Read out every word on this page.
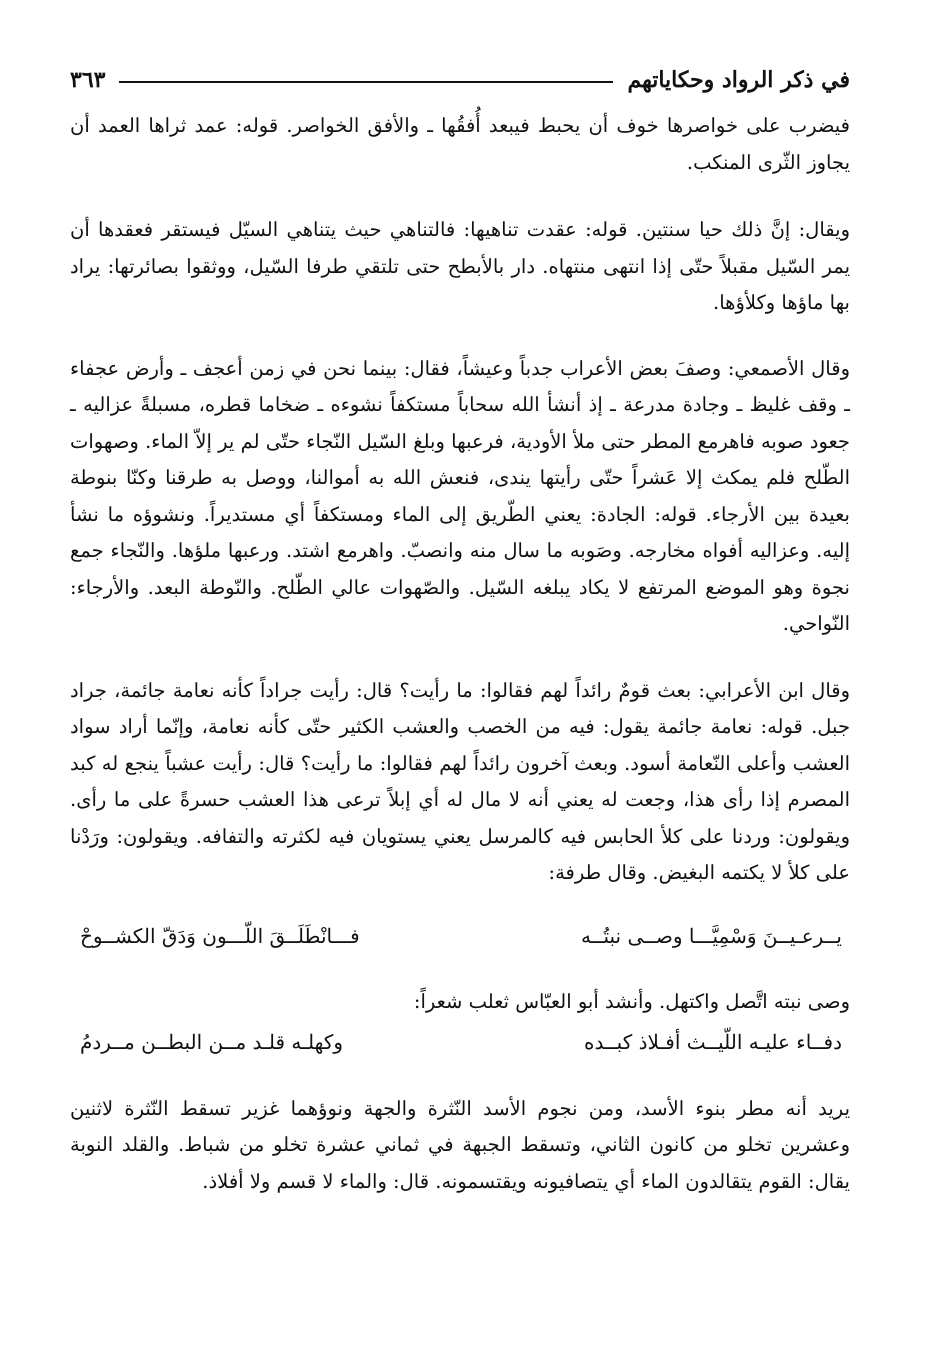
في ذكر الرواد وحكاياتهم
٣٦٣

فيضرب على خواصرها خوف أن يحبط فيبعد أُفقُها ـ والأفق الخواصر. قوله: عمد ثراها العمد أن يجاوز الثّرى المنكب.

ويقال: إنَّ ذلك حيا سنتين. قوله: عقدت تناهيها: فالتناهي حيث يتناهي السيّل فيستقر فعقدها أن يمر السّيل مقبلاً حتّى إذا انتهى منتهاه. دار بالأبطح حتى تلتقي طرفا السّيل، ووثقوا بصائرتها: يراد بها ماؤها وكلأؤها.

وقال الأصمعي: وصفَ بعض الأعراب جدباً وعيشاً، فقال: بينما نحن في زمن أعجف ـ وأرض عجفاء ـ وقف غليظ ـ وجادة مدرعة ـ إذ أنشأ الله سحاباً مستكفاً نشوءه ـ ضخاما قطره، مسبلةً عزاليه ـ جعود صوبه فاهرمع المطر حتى ملأ الأودية، فرعبها وبلغ السّيل النّجاء حتّى لم ير إلاّ الماء. وصهوات الطّلح فلم يمكث إلا عَشراً حتّى رأيتها يندى، فنعش الله به أموالنا، ووصل به طرقنا وكنّا بنوطة بعيدة بين الأرجاء. قوله: الجادة: يعني الطّريق إلى الماء ومستكفاً أي مستديراً. ونشوؤه ما نشأ إليه. وعزاليه أفواه مخارجه. وصَوبه ما سال منه وانصبّ. واهرمع اشتد. ورعبها ملؤها. والنّجاء جمع نجوة وهو الموضع المرتفع لا يكاد يبلغه السّيل. والصّهوات عالي الطّلح. والنّوطة البعد. والأرجاء: النّواحي.

وقال ابن الأعرابي: بعث قومٌ رائداً لهم فقالوا: ما رأيت؟ قال: رأيت جراداً كأنه نعامة جائمة، جراد جبل. قوله: نعامة جائمة يقول: فيه من الخصب والعشب الكثير حتّى كأنه نعامة، وإنّما أراد سواد العشب وأعلى النّعامة أسود. وبعث آخرون رائداً لهم فقالوا: ما رأيت؟ قال: رأيت عشباً ينجع له كبد المصرم إذا رأى هذا، وجعت له يعني أنه لا مال له أي إبلاً ترعى هذا العشب حسرةً على ما رأى. ويقولون: وردنا على كلأ الحابس فيه كالمرسل يعني يستويان فيه لكثرته والتفافه. ويقولون: ورَدْنا على كلأ لا يكتمه البغيض. وقال طرفة:

يــرعـيــنَ وَسْمِيَّـــا وصــى نبتُــه
فـــانْطَلَــقَ اللّـــون وَدَقّ الكشــوحْ
وصى نبته اتَّصل واكتهل. وأنشد أبو العبّاس ثعلب شعراً:
دفــاء عليـه اللّيــث أفـلاذ كبــده
وكهلـه قلـد مــن البطــن مــردمُ

يريد أنه مطر بنوء الأسد، ومن نجوم الأسد النّثرة والجهة ونوؤهما غزير تسقط النّثرة لاثنين وعشرين تخلو من كانون الثاني، وتسقط الجبهة في ثماني عشرة تخلو من شباط. والقلد النوبة يقال: القوم يتقالدون الماء أي يتصافيونه ويقتسمونه. قال: والماء لا قسم ولا أفلاذ.
